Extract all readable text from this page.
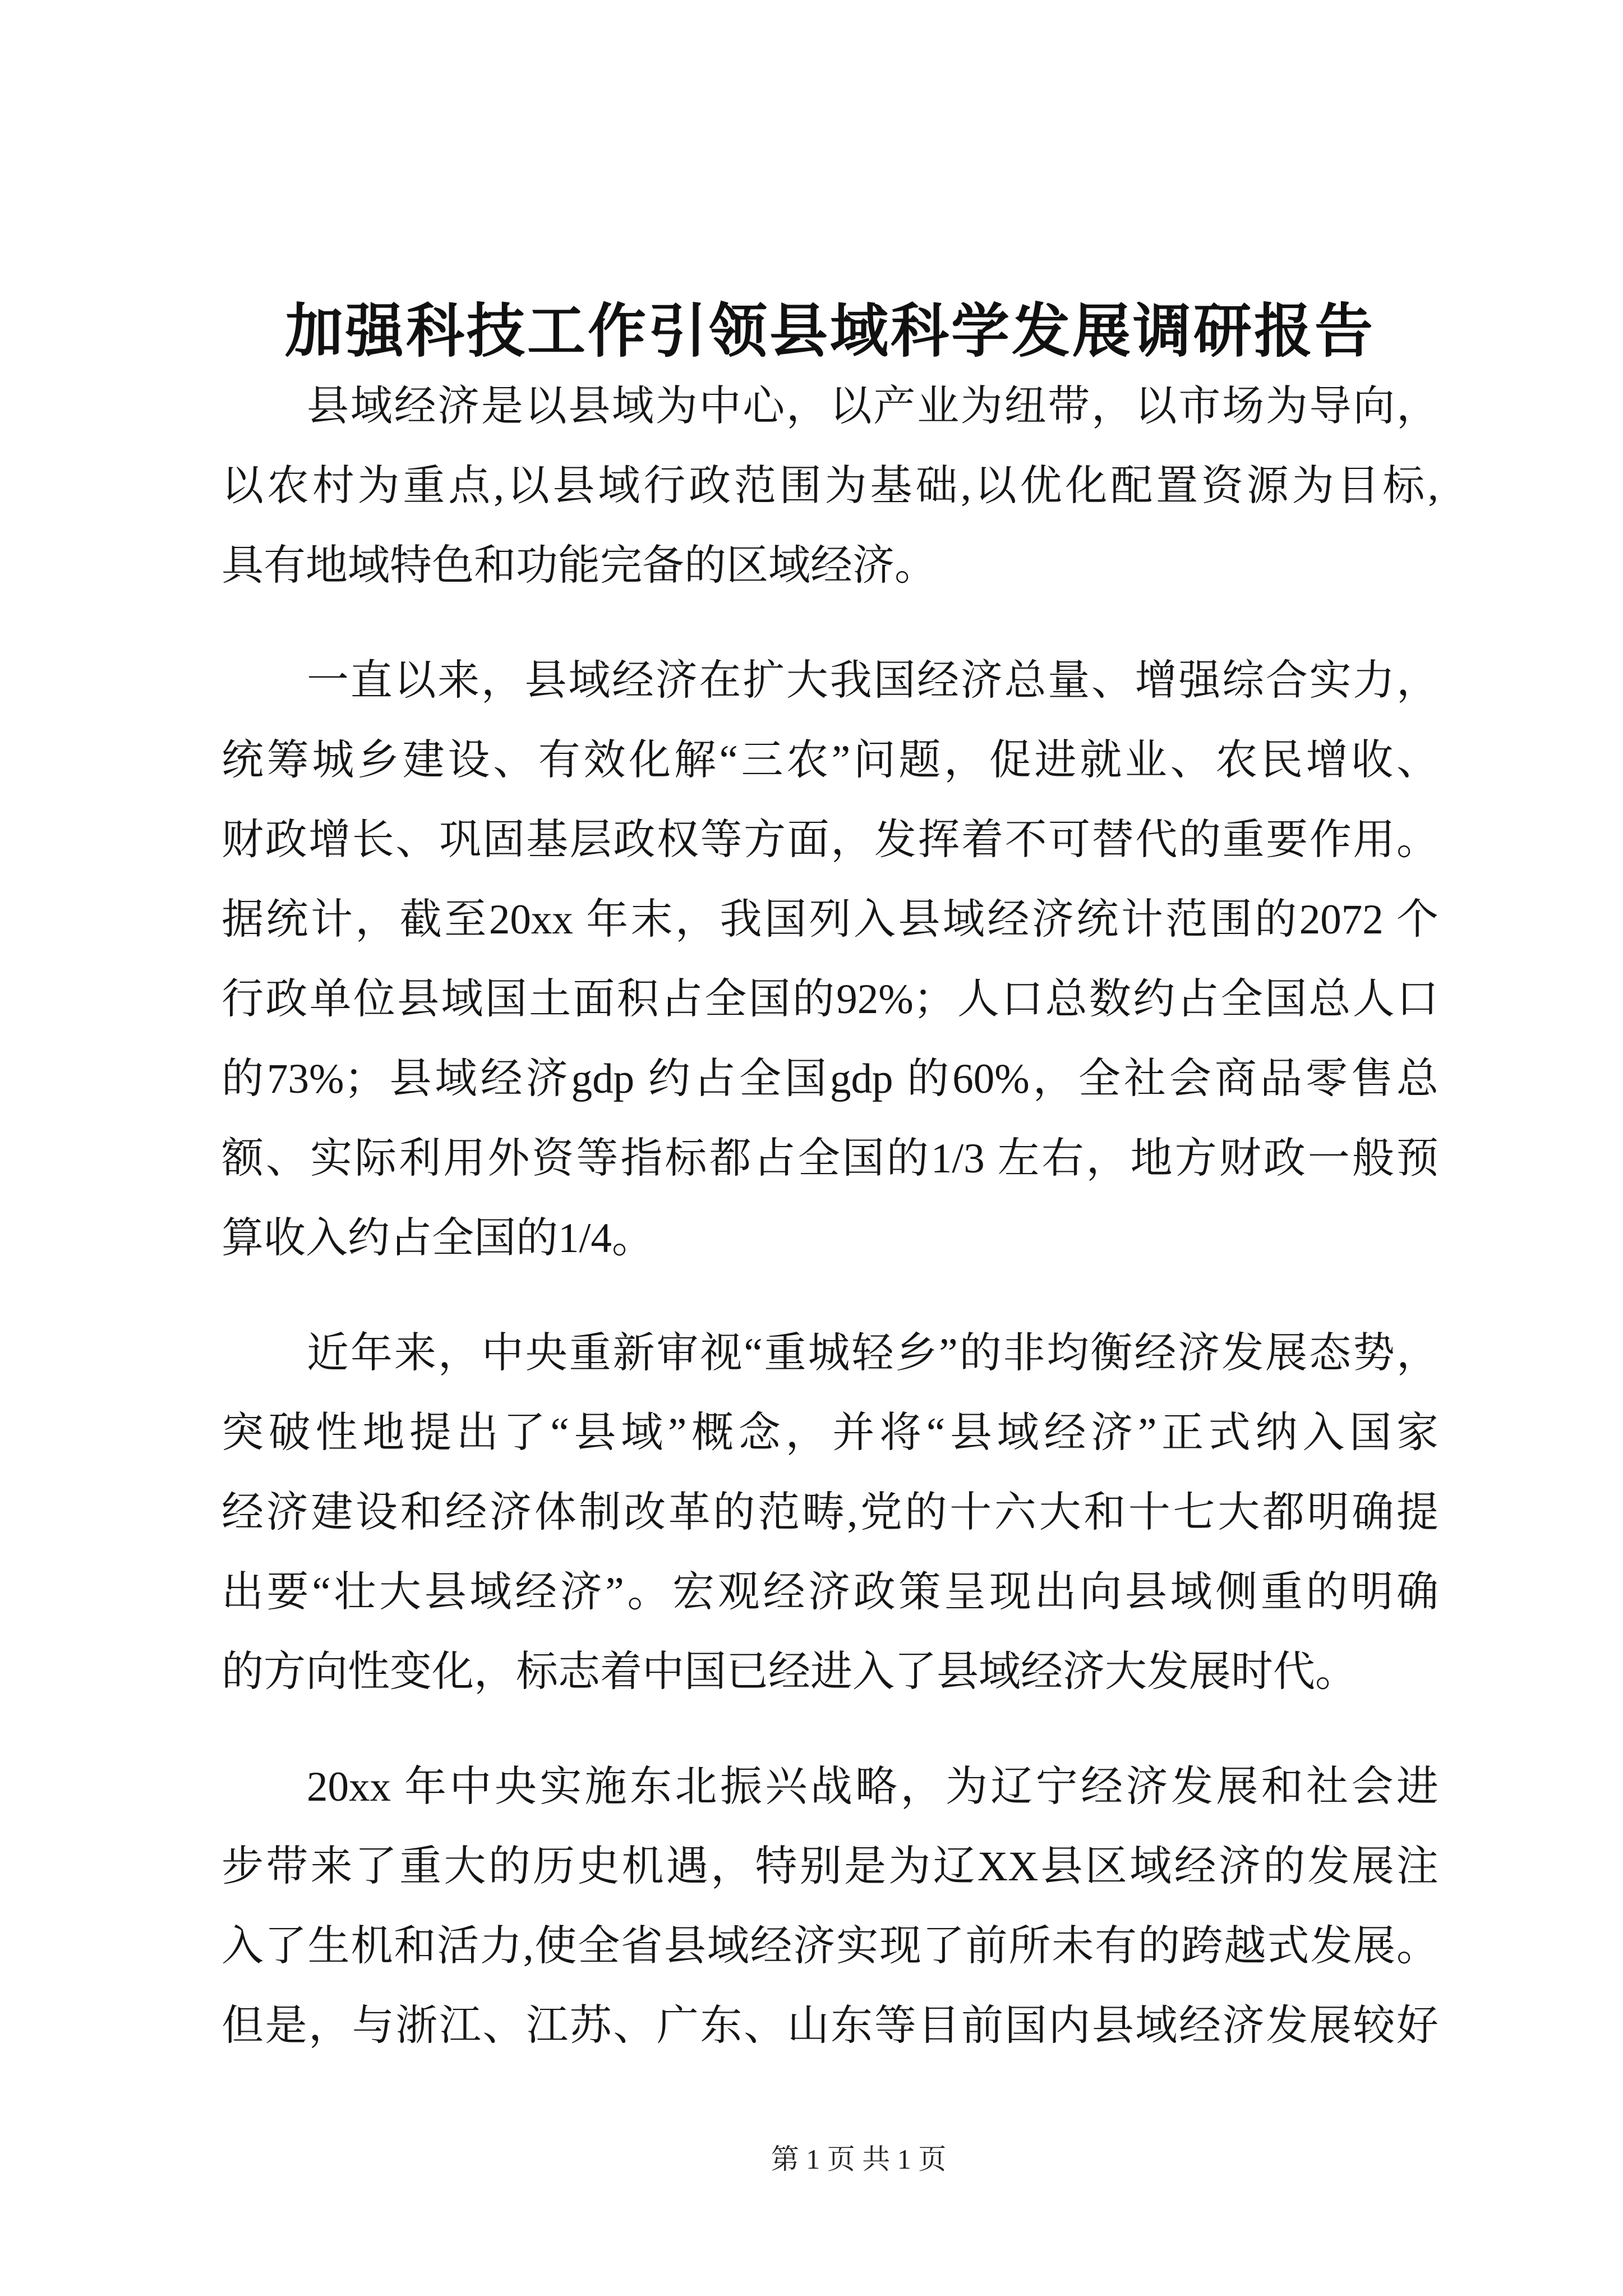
加强科技工作引领县域科学发展调研报告
县域经济是以县域为中心，以产业为纽带，以市场为导向，
以农村为重点,以县域行政范围为基础,以优化配置资源为目标,
具有地域特色和功能完备的区域经济。
一直以来，县域经济在扩大我国经济总量、增强综合实力，
统筹城乡建设、有效化解“三农”问题，促进就业、农民增收、
财政增长、巩固基层政权等方面，发挥着不可替代的重要作用。
据统计，截至20xx 年末，我国列入县域经济统计范围的2072 个
行政单位县域国土面积占全国的92%；人口总数约占全国总人口
的73%；县域经济gdp 约占全国gdp 的60%，全社会商品零售总
额、实际利用外资等指标都占全国的1/3 左右，地方财政一般预
算收入约占全国的1/4。
近年来，中央重新审视“重城轻乡”的非均衡经济发展态势，
突破性地提出了“县域”概念，并将“县域经济”正式纳入国家
经济建设和经济体制改革的范畴,党的十六大和十七大都明确提
出要“壮大县域经济”。宏观经济政策呈现出向县域侧重的明确
的方向性变化，标志着中国已经进入了县域经济大发展时代。
20xx 年中央实施东北振兴战略，为辽宁经济发展和社会进
步带来了重大的历史机遇，特别是为辽XX县区域经济的发展注
入了生机和活力,使全省县域经济实现了前所未有的跨越式发展。
但是，与浙江、江苏、广东、山东等目前国内县域经济发展较好
第 1 页 共 1 页
